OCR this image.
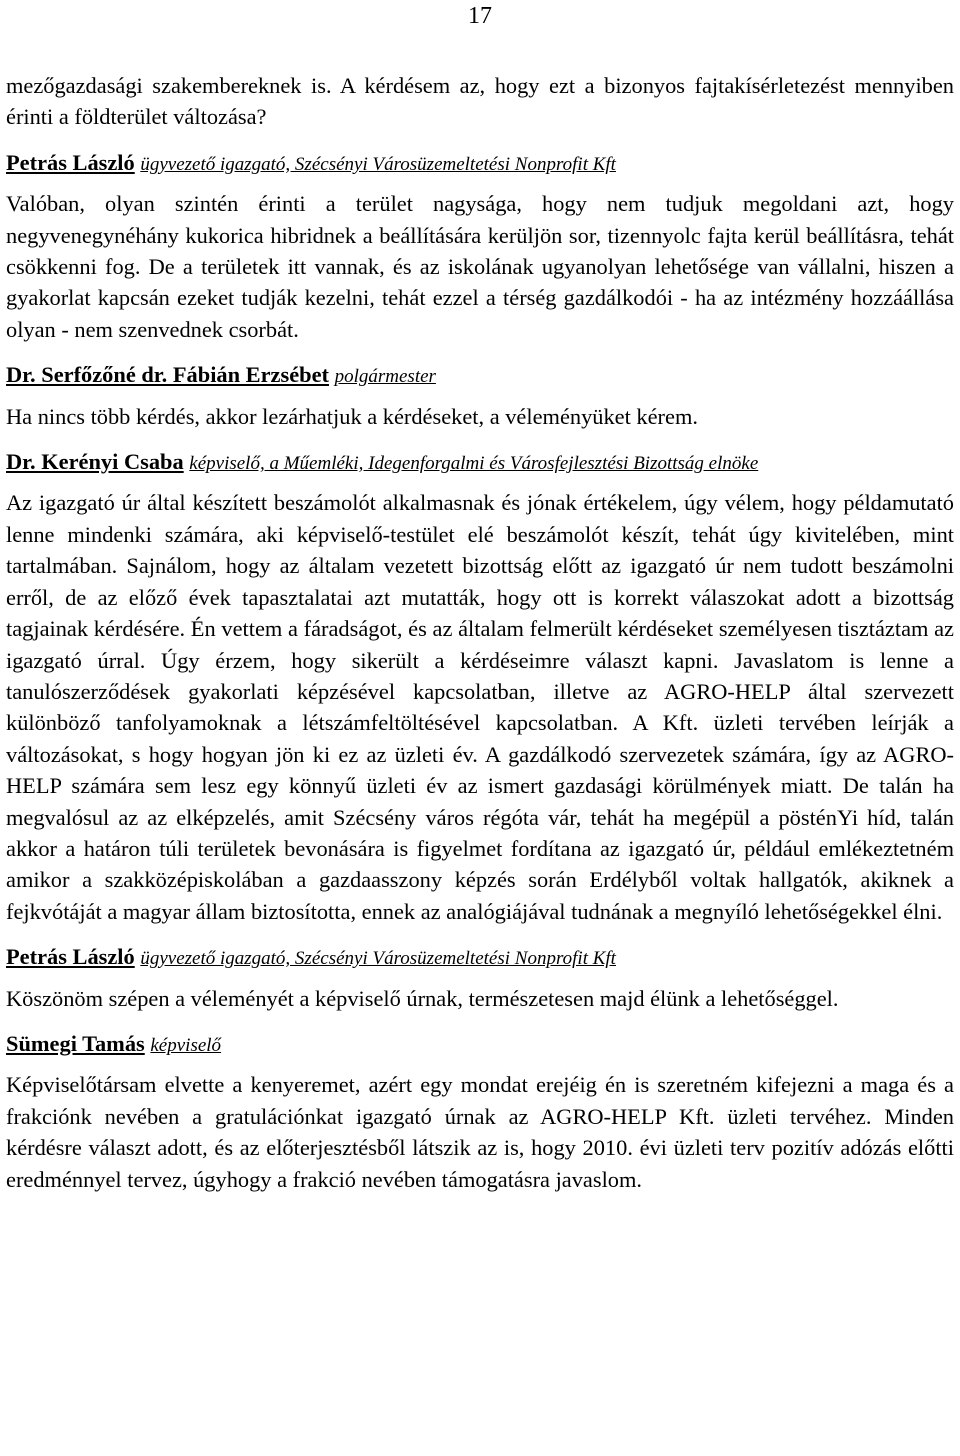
17

mezőgazdasági szakembereknek is. A kérdésem az, hogy ezt a bizonyos fajtakísérletezést mennyiben érinti a földterület változása?

Petrás László ügyvezető igazgató, Szécsényi Városüzemeltetési Nonprofit Kft

Valóban, olyan szintén érinti a terület nagysága, hogy nem tudjuk megoldani azt, hogy negyvenegynéhány kukorica hibridnek a beállítására kerüljön sor, tizennyolc fajta kerül beállításra, tehát csökkenni fog. De a területek itt vannak, és az iskolának ugyanolyan lehetősége van vállalni, hiszen a gyakorlat kapcsán ezeket tudják kezelni, tehát ezzel a térség gazdálkodói - ha az intézmény hozzáállása olyan - nem szenvednek csorbát.

Dr. Serfőzőné dr. Fábián Erzsébet polgármester

Ha nincs több kérdés, akkor lezárhatjuk a kérdéseket, a véleményüket kérem.

Dr. Kerényi Csaba képviselő, a Műemléki, Idegenforgalmi és Városfejlesztési Bizottság elnöke

Az igazgató úr által készített beszámolót alkalmasnak és jónak értékelem, úgy vélem, hogy példamutató lenne mindenki számára, aki képviselő-testület elé beszámolót készít, tehát úgy kivitelében, mint tartalmában. Sajnálom, hogy az általam vezetett bizottság előtt az igazgató úr nem tudott beszámolni erről, de az előző évek tapasztalatai azt mutatták, hogy ott is korrekt válaszokat adott a bizottság tagjainak kérdésére. Én vettem a fáradságot, és az általam felmerült kérdéseket személyesen tisztáztam az igazgató úrral. Úgy érzem, hogy sikerült a kérdéseimre választ kapni. Javaslatom is lenne a tanulószerződések gyakorlati képzésével kapcsolatban, illetve az AGRO-HELP által szervezett különböző tanfolyamoknak a létszámfeltöltésével kapcsolatban. A Kft. üzleti tervében leírják a változásokat, s hogy hogyan jön ki ez az üzleti év. A gazdálkodó szervezetek számára, így az AGRO-HELP számára sem lesz egy könnyű üzleti év az ismert gazdasági körülmények miatt. De talán ha megvalósul az az elképzelés, amit Szécsény város régóta vár, tehát ha megépül a pösténYi híd, talán akkor a határon túli területek bevonására is figyelmet fordítana az igazgató úr, például emlékeztetném amikor a szakközépiskolában a gazdaasszony képzés során Erdélyből voltak hallgatók, akiknek a fejkvótáját a magyar állam biztosította, ennek az analógiájával tudnának a megnyíló lehetőségekkel élni.

Petrás László ügyvezető igazgató, Szécsényi Városüzemeltetési Nonprofit Kft

Köszönöm szépen a véleményét a képviselő úrnak, természetesen majd élünk a lehetőséggel.

Sümegi Tamás képviselő

Képviselőtársam elvette a kenyeremet, azért egy mondat erejéig én is szeretném kifejezni a maga és a frakciónk nevében a gratulációnkat igazgató úrnak az AGRO-HELP Kft. üzleti tervéhez. Minden kérdésre választ adott, és az előterjesztésből látszik az is, hogy 2010. évi üzleti terv pozitív adózás előtti eredménnyel tervez, úgyhogy a frakció nevében támogatásra javaslom.
